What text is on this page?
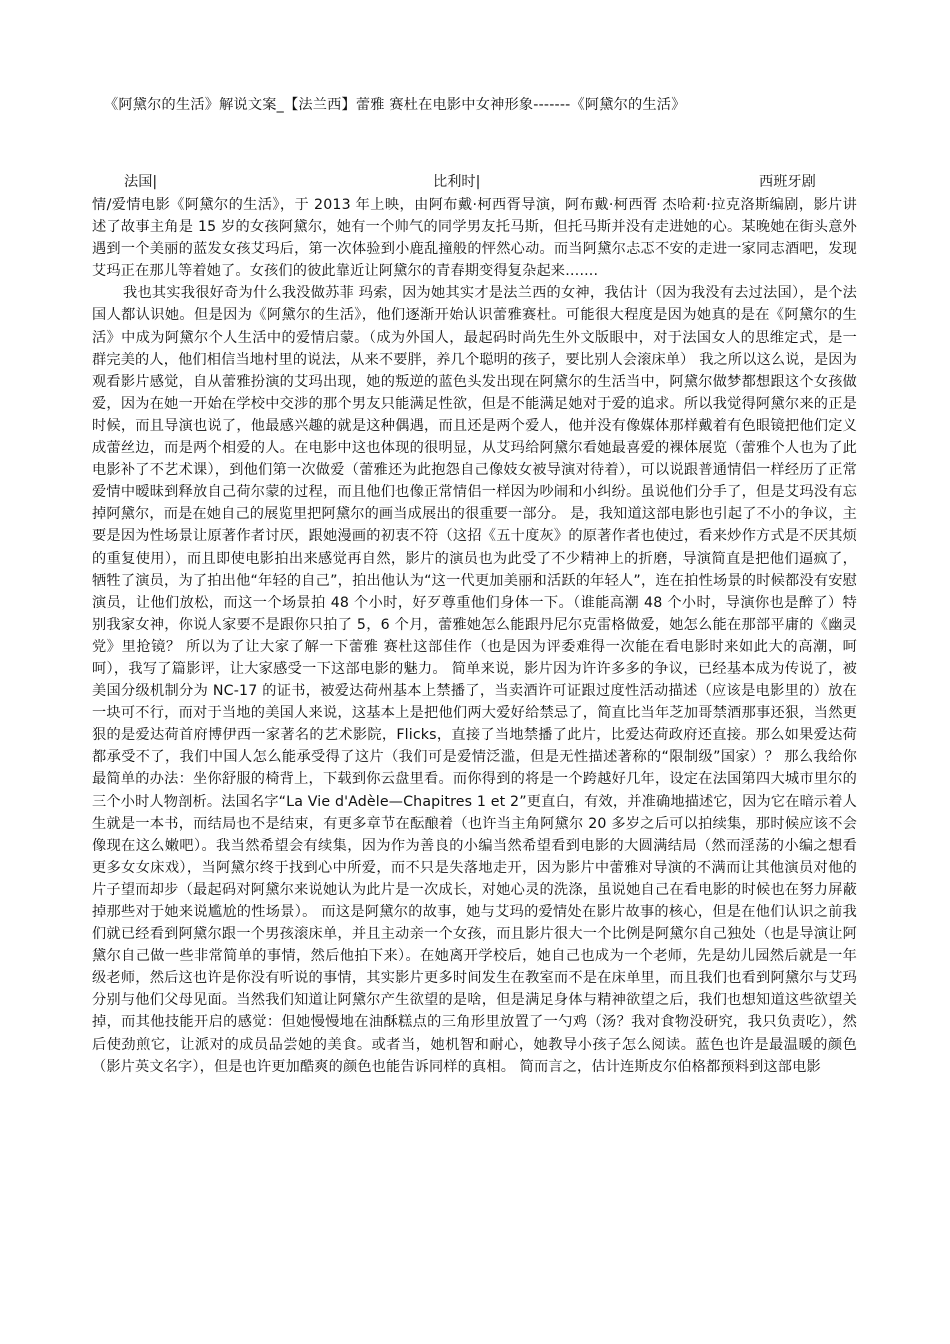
《阿黛尔的生活》解说文案_【法兰西】蕾雅 赛杜在电影中女神形象-------《阿黛尔的生活》
法国|	比利时|	西班牙剧

情/爱情电影《阿黛尔的生活》，于 2013 年上映，由阿布戴·柯西胥导演，阿布戴·柯西胥 杰哈莉·拉克洛斯编剧，影片讲述了故事主角是 15 岁的女孩阿黛尔，她有一个帅气的同学男友托马斯，但托马斯并没有走进她的心。某晚她在街头意外遇到一个美丽的蓝发女孩艾玛后，第一次体验到小鹿乱撞般的怦然心动。而当阿黛尔忐忑不安的走进一家同志酒吧，发现艾玛正在那儿等着她了。女孩们的彼此靠近让阿黛尔的青春期变得复杂起来…....

我也其实我很好奇为什么我没做苏菲 玛索，因为她其实才是法兰西的女神，我估计（因为我没有去过法国），是个法国人都认识她。但是因为《阿黛尔的生活》，他们逐渐开始认识蕾雅赛杜。可能很大程度是因为她真的是在《阿黛尔的生活》中成为阿黛尔个人生活中的爱情启蒙。（成为外国人，最起码时尚先生外文版眼中，对于法国女人的思维定式，是一群完美的人，他们相信当地村里的说法，从来不要胖，养几个聪明的孩子，要比别人会滚床单） 我之所以这么说，是因为观看影片感觉，自从蕾雅扮演的艾玛出现，她的叛逆的蓝色头发出现在阿黛尔的生活当中，阿黛尔做梦都想跟这个女孩做爱，因为在她一开始在学校中交涉的那个男友只能满足性欲，但是不能满足她对于爱的追求。所以我觉得阿黛尔来的正是时候，而且导演也说了，他最感兴趣的就是这种偶遇，而且还是两个爱人，他并没有像媒体那样戴着有色眼镜把他们定义成蕾丝边，而是两个相爱的人。在电影中这也体现的很明显，从艾玛给阿黛尔看她最喜爱的裸体展览（蕾雅个人也为了此电影补了不艺术课），到他们第一次做爱（蕾雅还为此抱怨自己像妓女被导演对待着），可以说跟普通情侣一样经历了正常爱情中暧昧到释放自己荷尔蒙的过程，而且他们也像正常情侣一样因为吵闹和小纠纷。虽说他们分手了，但是艾玛没有忘掉阿黛尔，而是在她自己的展览里把阿黛尔的画当成展出的很重要一部分。 是，我知道这部电影也引起了不小的争议，主要是因为性场景让原著作者讨厌，跟她漫画的初衷不符（这招《五十度灰》的原著作者也使过，看来炒作方式是不厌其烦的重复使用），而且即使电影拍出来感觉再自然，影片的演员也为此受了不少精神上的折磨，导演简直是把他们逼疯了，牺牲了演员，为了拍出他“年轻的自己”，拍出他认为“这一代更加美丽和活跃的年轻人”，连在拍性场景的时候都没有安慰演员，让他们放松，而这一个场景拍 48 个小时，好歹尊重他们身体一下。（谁能高潮 48 个小时，导演你也是醉了）特别我家女神，你说人家要不是跟你只拍了 5，6 个月，蕾雅她怎么能跟丹尼尔克雷格做爱，她怎么能在那部平庸的《幽灵党》里抢镜？ 所以为了让大家了解一下蕾雅 赛杜这部佳作（也是因为评委难得一次能在看电影时来如此大的高潮，呵呵），我写了篇影评，让大家感受一下这部电影的魅力。 简单来说，影片因为许许多多的争议，已经基本成为传说了，被美国分级机制分为 NC-17 的证书，被爱达荷州基本上禁播了，当卖酒许可证跟过度性活动描述（应该是电影里的）放在一块可不行，而对于当地的美国人来说，这基本上是把他们两大爱好给禁忌了，简直比当年芝加哥禁酒那事还狠，当然更狠的是爱达荷首府博伊西一家著名的艺术影院，Flicks，直接了当地禁播了此片，比爱达荷政府还直接。那么如果爱达荷都承受不了，我们中国人怎么能承受得了这片（我们可是爱情泛滥，但是无性描述著称的“限制级”国家）？ 那么我给你最简单的办法：坐你舒服的椅背上，下载到你云盘里看。而你得到的将是一个跨越好几年，设定在法国第四大城市里尔的三个小时人物剖析。法国名字“La Vie d'Adèle—Chapitres 1 et 2”更直白，有效，并准确地描述它，因为它在暗示着人生就是一本书，而结局也不是结束，有更多章节在酝酿着（也许当主角阿黛尔 20 多岁之后可以拍续集，那时候应该不会像现在这么嫩吧）。我当然希望会有续集，因为作为善良的小编当然希望看到电影的大圆满结局（然而淫荡的小编之想看更多女女床戏），当阿黛尔终于找到心中所爱，而不只是失落地走开，因为影片中蕾雅对导演的不满而让其他演员对他的片子望而却步（最起码对阿黛尔来说她认为此片是一次成长，对她心灵的洗涤，虽说她自己在看电影的时候也在努力屏蔽掉那些对于她来说尴尬的性场景）。 而这是阿黛尔的故事，她与艾玛的爱情处在影片故事的核心，但是在他们认识之前我们就已经看到阿黛尔跟一个男孩滚床单，并且主动亲一个女孩，而且影片很大一个比例是阿黛尔自己独处（也是导演让阿黛尔自己做一些非常简单的事情，然后他拍下来）。在她离开学校后，她自己也成为一个老师，先是幼儿园然后就是一年级老师，然后这也许是你没有听说的事情，其实影片更多时间发生在教室而不是在床单里，而且我们也看到阿黛尔与艾玛分别与他们父母见面。当然我们知道让阿黛尔产生欲望的是啥，但是满足身体与精神欲望之后，我们也想知道这些欲望关掉，而其他技能开启的感觉：但她慢慢地在油酥糕点的三角形里放置了一勺鸡（汤？我对食物没研究，我只负责吃），然后使劲煎它，让派对的成员品尝她的美食。或者当，她机智和耐心，她教导小孩子怎么阅读。蓝色也许是最温暖的颜色（影片英文名字），但是也许更加酷爽的颜色也能告诉同样的真相。 简而言之，估计连斯皮尔伯格都预料到这部电影
